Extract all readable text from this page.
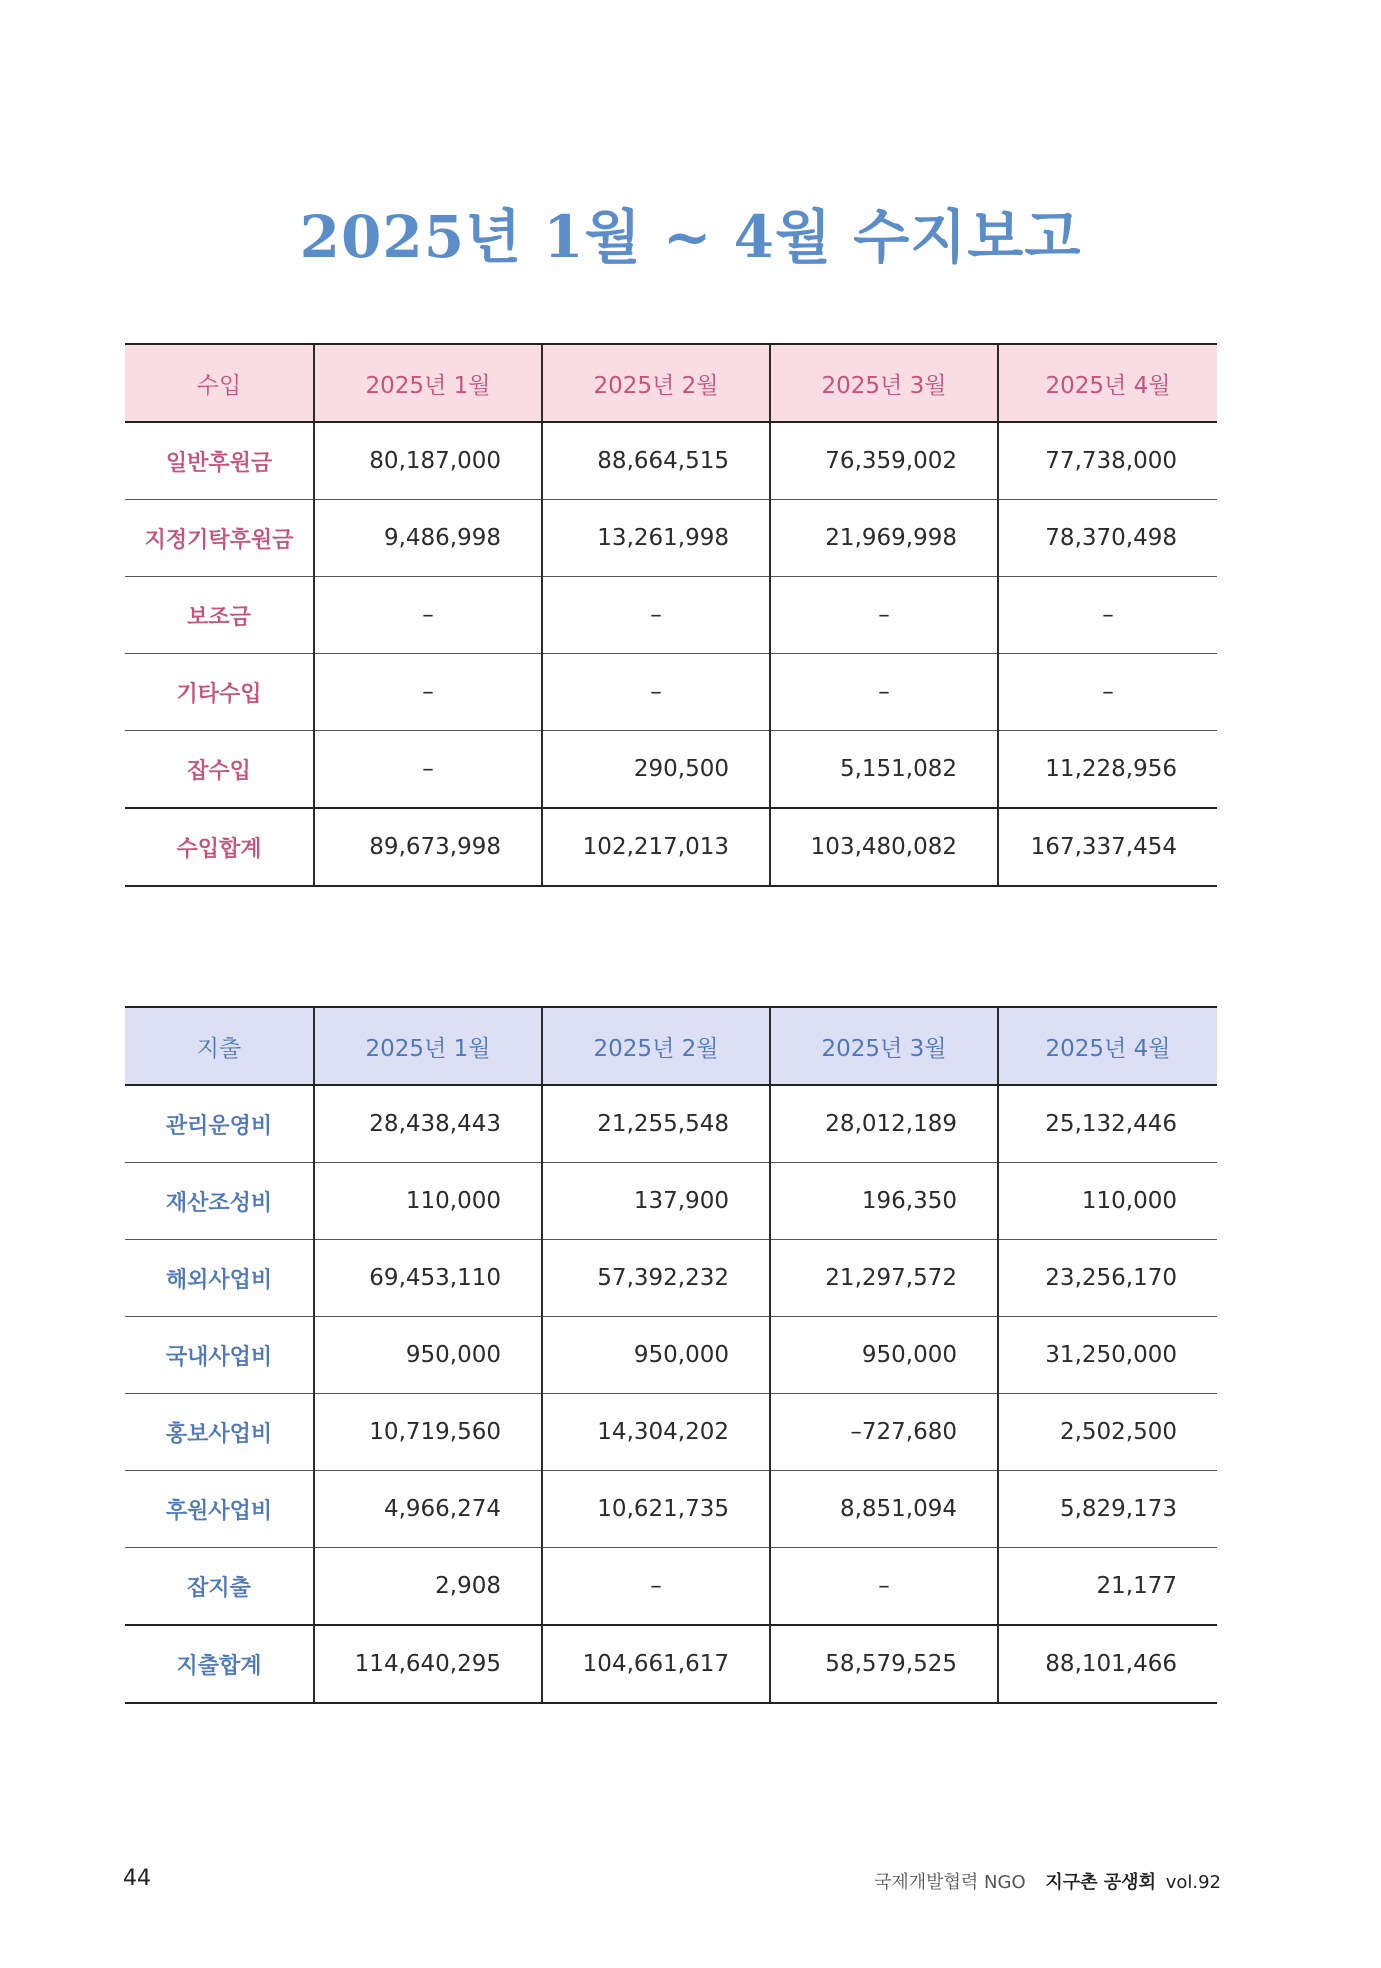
2025년 1월 ~ 4월 수지보고
수입	2025년 1월	2025년 2월	2025년 3월	2025년 4월
일반후원금	80,187,000	88,664,515	76,359,002	77,738,000
지정기탁후원금	9,486,998	13,261,998	21,969,998	78,370,498
보조금	–	–	–	–
기타수입	–	–	–	–
잡수입	–	290,500	5,151,082	11,228,956
수입합계	89,673,998	102,217,013	103,480,082	167,337,454
지출	2025년 1월	2025년 2월	2025년 3월	2025년 4월
관리운영비	28,438,443	21,255,548	28,012,189	25,132,446
재산조성비	110,000	137,900	196,350	110,000
해외사업비	69,453,110	57,392,232	21,297,572	23,256,170
국내사업비	950,000	950,000	950,000	31,250,000
홍보사업비	10,719,560	14,304,202	–727,680	2,502,500
후원사업비	4,966,274	10,621,735	8,851,094	5,829,173
잡지출	2,908	–	–	21,177
지출합계	114,640,295	104,661,617	58,579,525	88,101,466
44	국제개발협력 NGO 지구촌 공생회 vol.92
